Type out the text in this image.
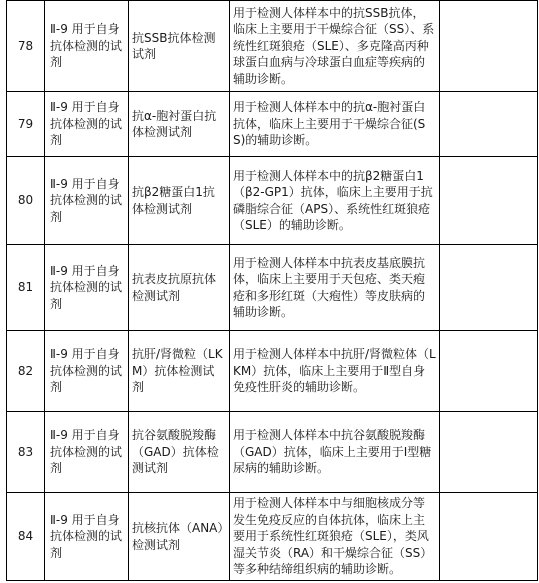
78	Ⅱ-9 用于自身抗体检测的试剂	抗SSB抗体检测试剂	用于检测人体样本中的抗SSB抗体，临床上主要用于干燥综合征（SS）、系统性红斑狼疮（SLE）、多克隆高丙种球蛋白血病与冷球蛋白血症等疾病的辅助诊断。	
79	Ⅱ-9 用于自身抗体检测的试剂	抗α-胞衬蛋白抗体检测试剂	用于检测人体样本中的抗α-胞衬蛋白抗体，临床上主要用于干燥综合征(SS)的辅助诊断。	
80	Ⅱ-9 用于自身抗体检测的试剂	抗β2糖蛋白1抗体检测试剂	用于检测人体样本中的抗β2糖蛋白1（β2-GP1）抗体，临床上主要用于抗磷脂综合征（APS）、系统性红斑狼疮（SLE）的辅助诊断。	
81	Ⅱ-9 用于自身抗体检测的试剂	抗表皮抗原抗体检测试剂	用于检测人体样本中抗表皮基底膜抗体，临床上主要用于天包疮、类天疱疮和多形红斑（大疱性）等皮肤病的辅助诊断。	
82	Ⅱ-9 用于自身抗体检测的试剂	抗肝/肾微粒（LKM）抗体检测试剂	用于检测人体样本中抗肝/肾微粒体（LKM）抗体，临床上主要用于Ⅱ型自身免疫性肝炎的辅助诊断。	
83	Ⅱ-9 用于自身抗体检测的试剂	抗谷氨酸脱羧酶（GAD）抗体检测试剂	用于检测人体样本中抗谷氨酸脱羧酶（GAD）抗体，临床上主要用于Ⅰ型糖尿病的辅助诊断。	
84	Ⅱ-9 用于自身抗体检测的试剂	抗核抗体（ANA）检测试剂	用于检测人体样本中与细胞核成分等发生免疫反应的自体抗体，临床上主要用于系统性红斑狼疮（SLE），类风湿关节炎（RA）和干燥综合征（SS）等多种结缔组织病的辅助诊断。	
